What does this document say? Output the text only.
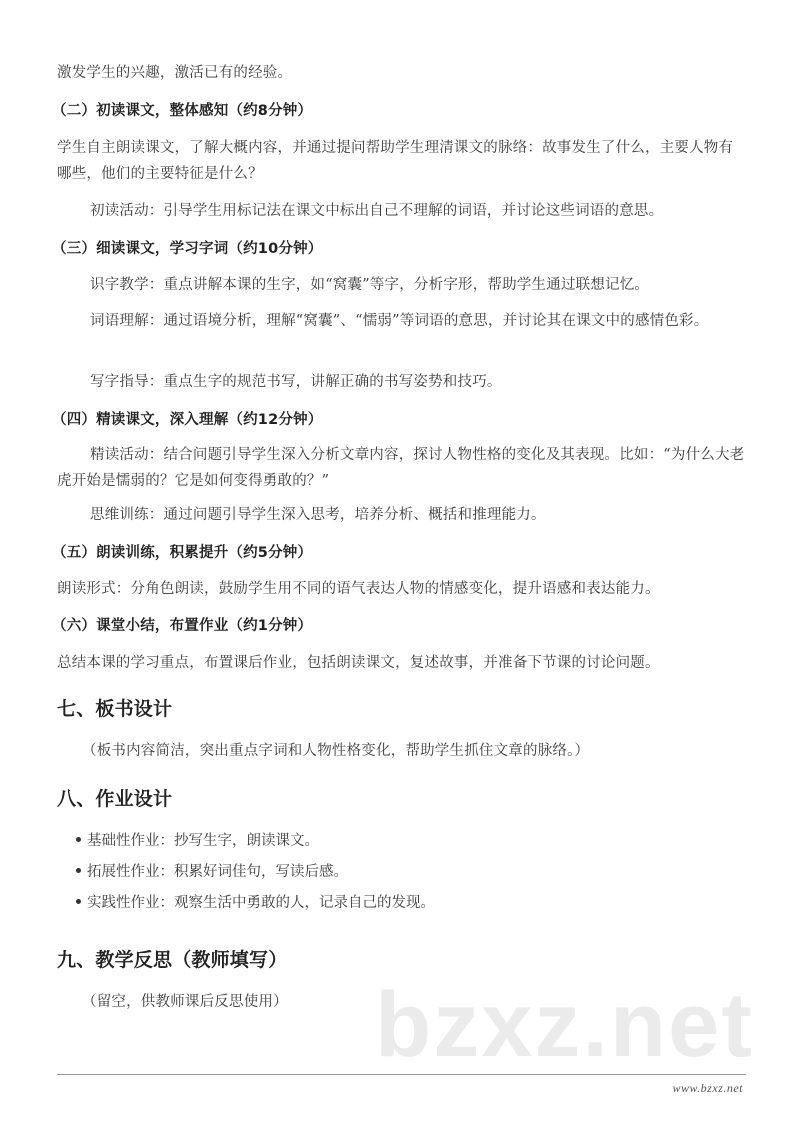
激发学生的兴趣，激活已有的经验。
（二）初读课文，整体感知（约8分钟）
学生自主朗读课文，了解大概内容，并通过提问帮助学生理清课文的脉络：故事发生了什么，主要人物有哪些，他们的主要特征是什么？
初读活动：引导学生用标记法在课文中标出自己不理解的词语，并讨论这些词语的意思。
（三）细读课文，学习字词（约10分钟）
识字教学：重点讲解本课的生字，如“窝囊”等字，分析字形，帮助学生通过联想记忆。
词语理解：通过语境分析，理解“窝囊”、“懦弱”等词语的意思，并讨论其在课文中的感情色彩。
写字指导：重点生字的规范书写，讲解正确的书写姿势和技巧。
（四）精读课文，深入理解（约12分钟）
精读活动：结合问题引导学生深入分析文章内容，探讨人物性格的变化及其表现。比如：“为什么大老虎开始是懦弱的？它是如何变得勇敢的？”
思维训练：通过问题引导学生深入思考，培养分析、概括和推理能力。
（五）朗读训练，积累提升（约5分钟）
朗读形式：分角色朗读，鼓励学生用不同的语气表达人物的情感变化，提升语感和表达能力。
（六）课堂小结，布置作业（约1分钟）
总结本课的学习重点，布置课后作业，包括朗读课文，复述故事，并准备下节课的讨论问题。
七、板书设计
（板书内容简洁，突出重点字词和人物性格变化，帮助学生抓住文章的脉络。）
八、作业设计
基础性作业：抄写生字，朗读课文。
拓展性作业：积累好词佳句，写读后感。
实践性作业：观察生活中勇敢的人，记录自己的发现。
九、教学反思（教师填写）
（留空，供教师课后反思使用） bzxz.net
www.bzxz.net
